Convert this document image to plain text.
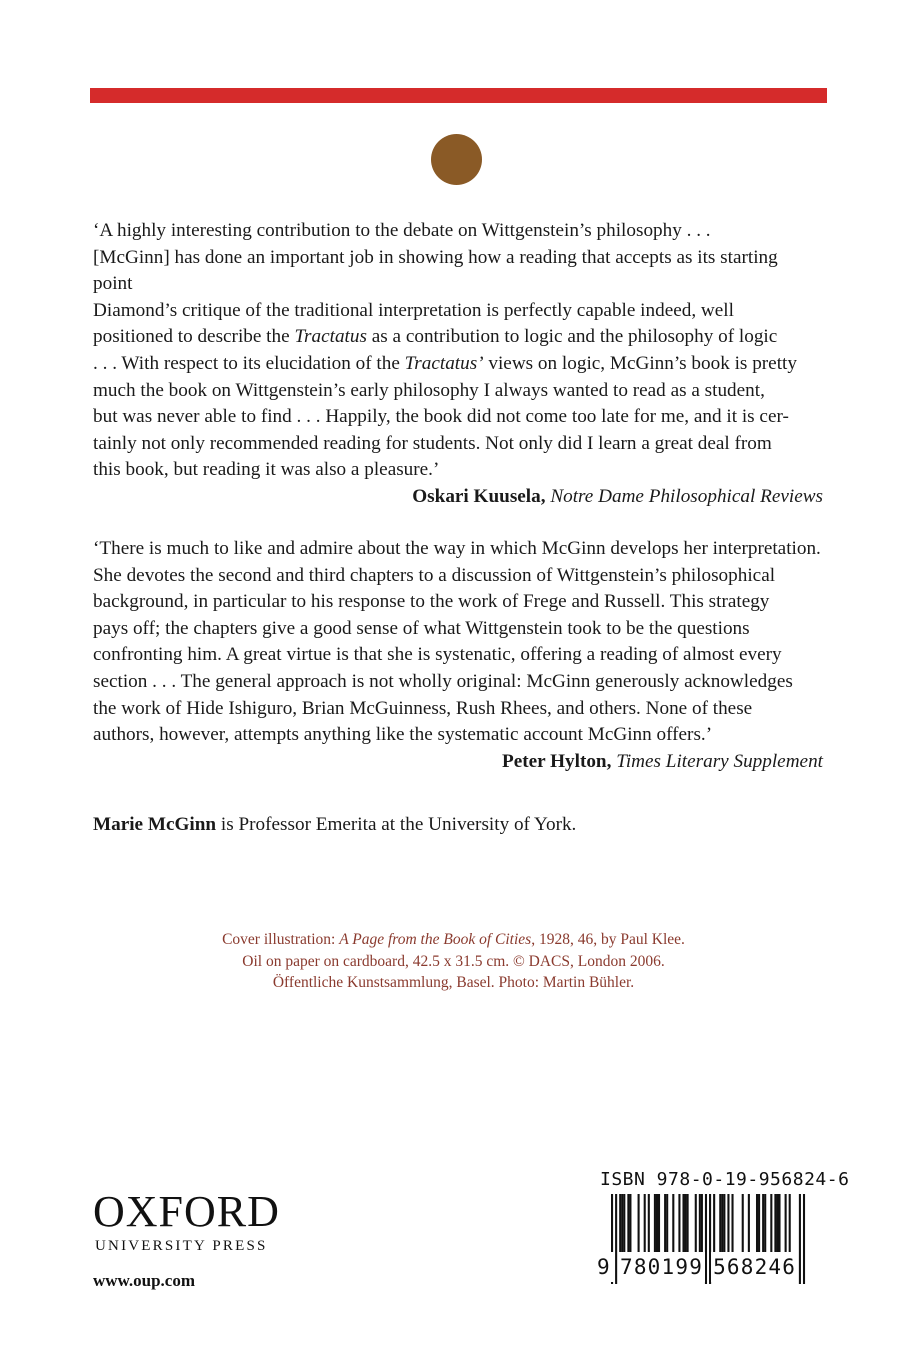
‘A highly interesting contribution to the debate on Wittgenstein’s philosophy . . .

[McGinn] has done an important job in showing how a reading that accepts as its starting

point

Diamond’s critique of the traditional interpretation is perfectly capable indeed, well

positioned to describe the Tractatus as a contribution to logic and the philosophy of logic

. . . With respect to its elucidation of the Tractatus’ views on logic, McGinn’s book is pretty

much the book on Wittgenstein’s early philosophy I always wanted to read as a student,

but was never able to find . . . Happily, the book did not come too late for me, and it is cer-

tainly not only recommended reading for students. Not only did I learn a great deal from

this book, but reading it was also a pleasure.’

Oskari Kuusela, Notre Dame Philosophical Reviews

‘There is much to like and admire about the way in which McGinn develops her interpretation.

She devotes the second and third chapters to a discussion of Wittgenstein’s philosophical

background, in particular to his response to the work of Frege and Russell. This strategy

pays off; the chapters give a good sense of what Wittgenstein took to be the questions

confronting him. A great virtue is that she is systenatic, offering a reading of almost every

section . . . The general approach is not wholly original: McGinn generously acknowledges

the work of Hide Ishiguro, Brian McGuinness, Rush Rhees, and others. None of these

authors, however, attempts anything like the systematic account McGinn offers.’

Peter Hylton, Times Literary Supplement

Marie McGinn is Professor Emerita at the University of York.
Cover illustration: A Page from the Book of Cities, 1928, 46, by Paul Klee.
Oil on paper on cardboard, 42.5 x 31.5 cm. © DACS, London 2006.
Öffentliche Kunstsammlung, Basel. Photo: Martin Bühler.
OXFORD
UNIVERSITY PRESS
www.oup.com
ISBN 978-0-19-956824-6
9 780199 568246
